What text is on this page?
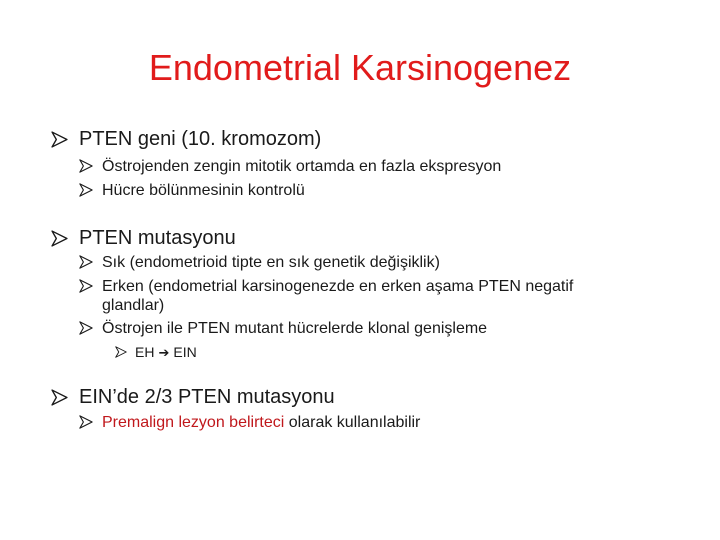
Endometrial Karsinogenez
PTEN geni (10. kromozom)
Östrojenden zengin mitotik ortamda en fazla ekspresyon
Hücre bölünmesinin kontrolü
PTEN mutasyonu
Sık (endometrioid tipte en sık genetik değişiklik)
Erken (endometrial karsinogenezde en erken aşama PTEN negatif
glandlar)
Östrojen ile PTEN mutant hücrelerde klonal genişleme
EH ➔ EIN
EIN’de 2/3 PTEN mutasyonu
Premalign lezyon belirteci olarak kullanılabilir
